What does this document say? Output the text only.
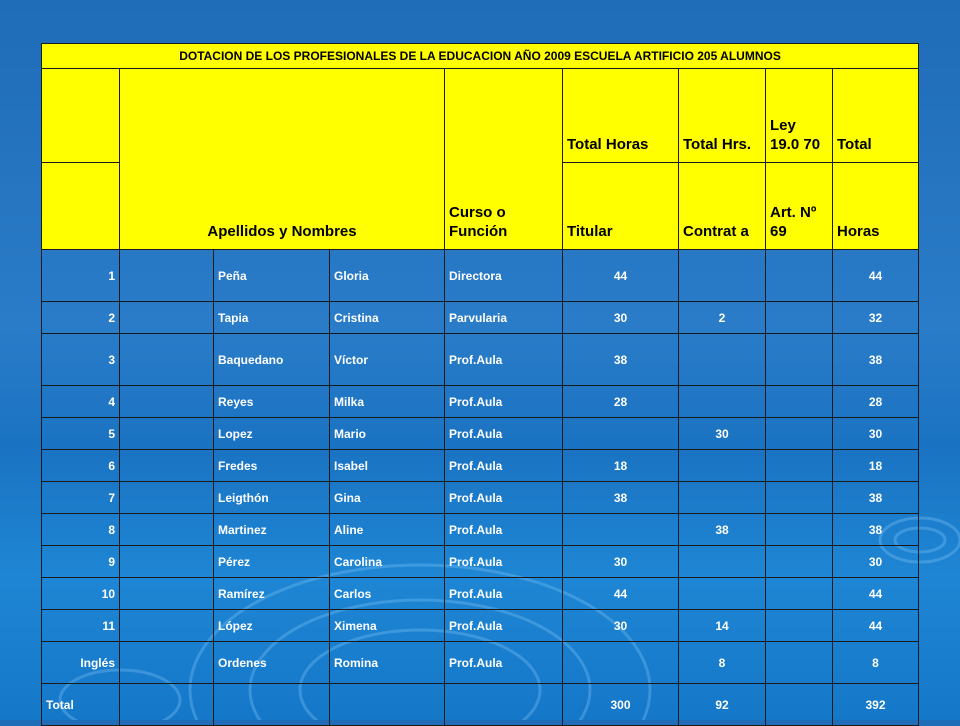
DOTACION DE LOS PROFESIONALES DE LA EDUCACION AÑO 2009 ESCUELA ARTIFICIO 205 ALUMNOS								
	Apellidos y Nombres			Curso o Función	Total Horas	Total Hrs.	Ley 19.0 70	Total
					Titular	Contrat a	Art. Nº 69	Horas
1		Peña	Gloria	Directora	44			44
2		Tapia	Cristina	Parvularia	30	2		32
3		Baquedano	Víctor	Prof.Aula	38			38
4		Reyes	Milka	Prof.Aula	28			28
5		Lopez	Mario	Prof.Aula		30		30
6		Fredes	Isabel	Prof.Aula	18			18
7		Leigthón	Gina	Prof.Aula	38			38
8		Martinez	Aline	Prof.Aula		38		38
9		Pérez	Carolina	Prof.Aula	30			30
10		Ramírez	Carlos	Prof.Aula	44			44
11		López	Ximena	Prof.Aula	30	14		44
Inglés		Ordenes	Romina	Prof.Aula		8		8
Total					300	92		392
